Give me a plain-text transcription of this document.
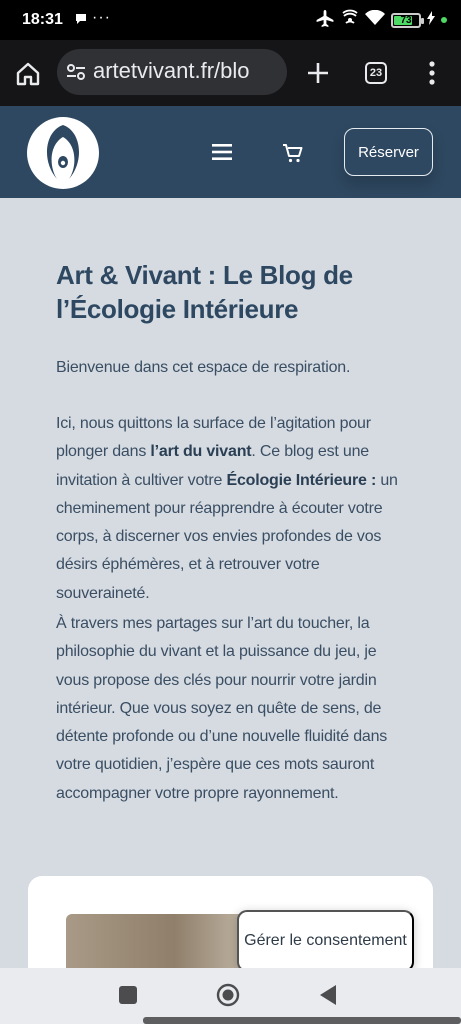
18:31 ···	73
artetvivant.fr/blo	23
Réserver
Art & Vivant : Le Blog de l’Écologie Intérieure

Bienvenue dans cet espace de respiration.

Ici, nous quittons la surface de l’agitation pour plonger dans l’art du vivant. Ce blog est une invitation à cultiver votre Écologie Intérieure : un cheminement pour réapprendre à écouter votre corps, à discerner vos envies profondes de vos désirs éphémères, et à retrouver votre souveraineté.

À travers mes partages sur l’art du toucher, la philosophie du vivant et la puissance du jeu, je vous propose des clés pour nourrir votre jardin intérieur. Que vous soyez en quête de sens, de détente profonde ou d’une nouvelle fluidité dans votre quotidien, j’espère que ces mots sauront accompagner votre propre rayonnement.

Gérer le consentement
